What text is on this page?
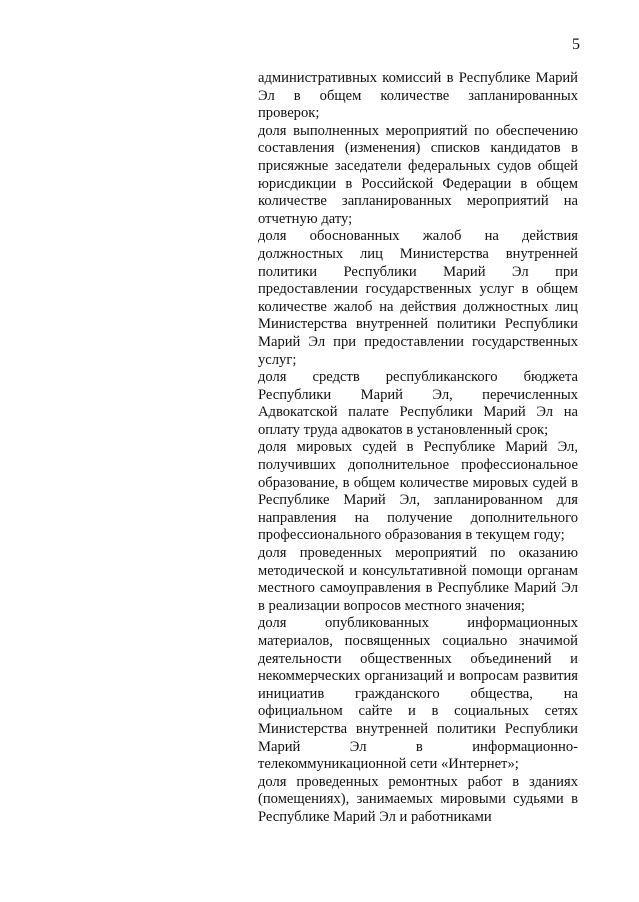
5

административных комиссий в Республике Марий Эл в общем количестве запланированных проверок;

доля выполненных мероприятий по обеспечению составления (изменения) списков кандидатов в присяжные заседатели федеральных судов общей юрисдикции в Российской Федерации в общем количестве запланированных мероприятий на отчетную дату;

доля обоснованных жалоб на действия должностных лиц Министерства внутренней политики Республики Марий Эл при предоставлении государственных услуг в общем количестве жалоб на действия должностных лиц Министерства внутренней политики Республики Марий Эл при предоставлении государственных услуг;

доля средств республиканского бюджета Республики Марий Эл, перечисленных Адвокатской палате Республики Марий Эл на оплату труда адвокатов в установленный срок;

доля мировых судей в Республике Марий Эл, получивших дополнительное профессиональное образование, в общем количестве мировых судей в Республике Марий Эл, запланированном для направления на получение дополнительного профессионального образования в текущем году;

доля проведенных мероприятий по оказанию методической и консультативной помощи органам местного самоуправления в Республике Марий Эл в реализации вопросов местного значения;

доля опубликованных информационных материалов, посвященных социально значимой деятельности общественных объединений и некоммерческих организаций и вопросам развития инициатив гражданского общества, на официальном сайте и в социальных сетях Министерства внутренней политики Республики Марий Эл в информационно-телекоммуникационной сети «Интернет»;

доля проведенных ремонтных работ в зданиях (помещениях), занимаемых мировыми судьями в Республике Марий Эл и работниками
